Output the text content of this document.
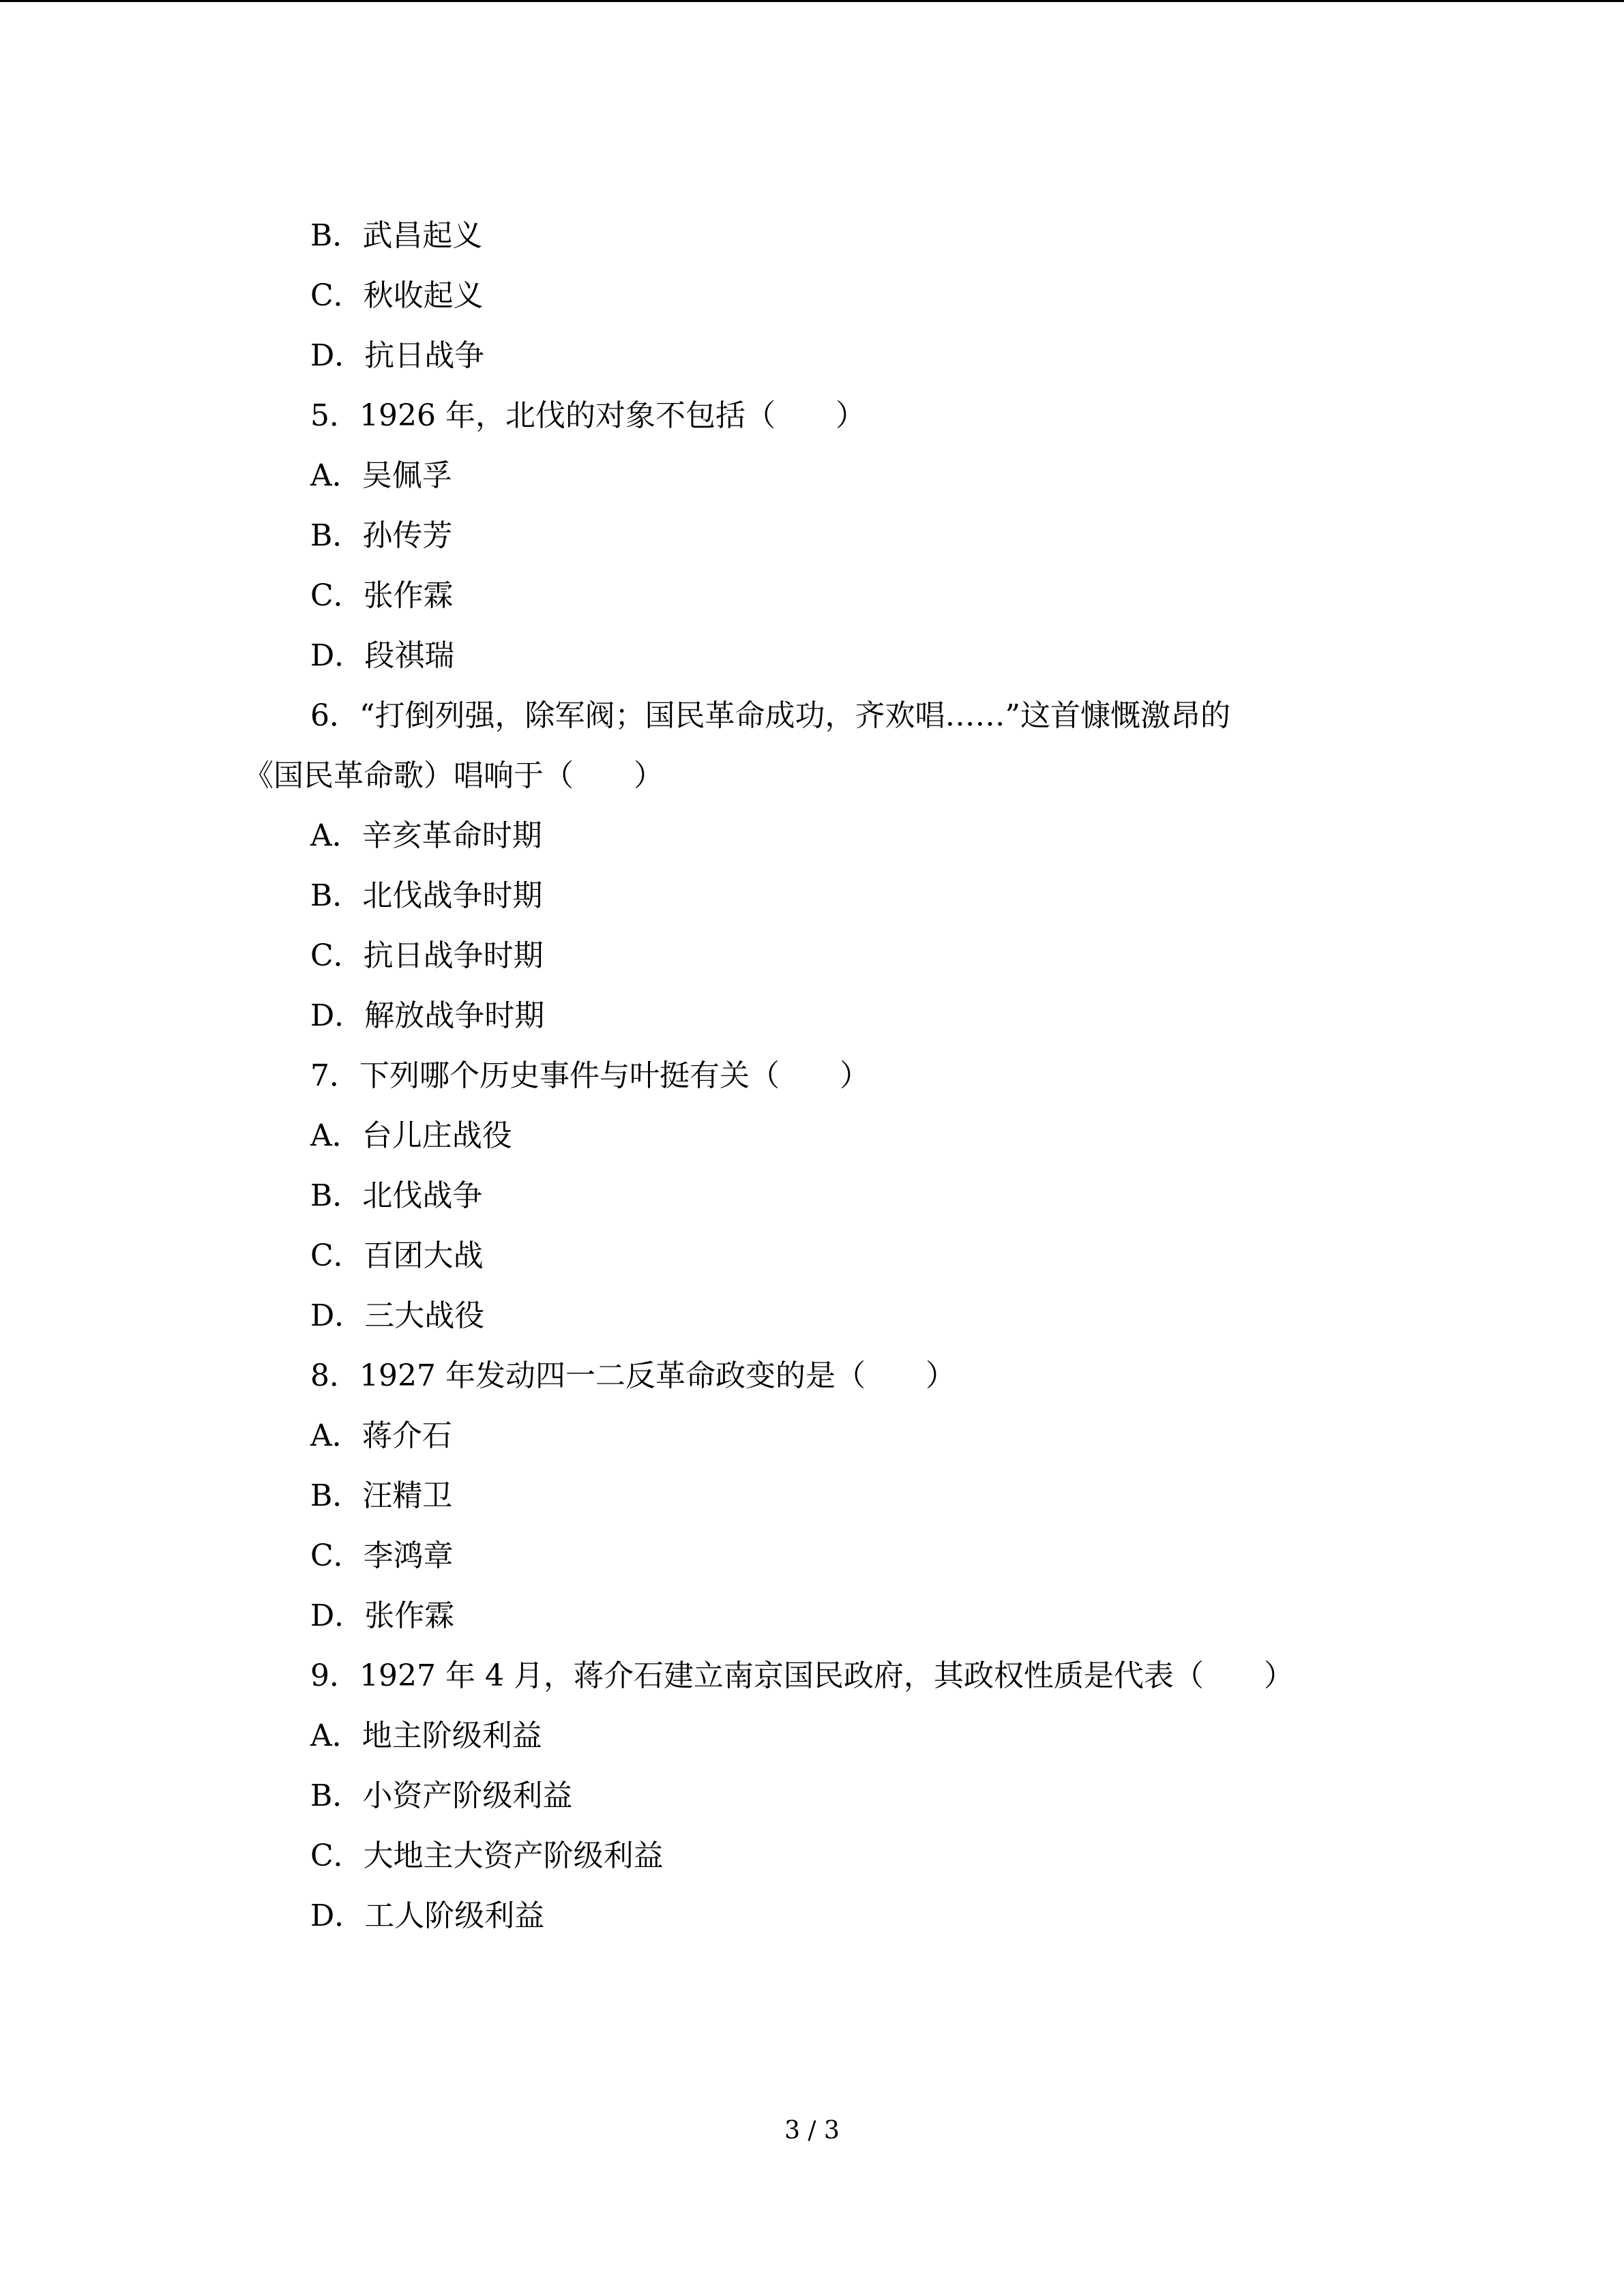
B．武昌起义
C．秋收起义
D．抗日战争
5．1926 年，北伐的对象不包括（　　）
A．吴佩孚
B．孙传芳
C．张作霖
D．段祺瑞
6．“打倒列强，除军阀；国民革命成功，齐欢唱……”这首慷慨激昂的
《国民革命歌）唱响于（　　）
A．辛亥革命时期
B．北伐战争时期
C．抗日战争时期
D．解放战争时期
7．下列哪个历史事件与叶挺有关（　　）
A．台儿庄战役
B．北伐战争
C．百团大战
D．三大战役
8．1927 年发动四一二反革命政变的是（　　）
A．蒋介石
B．汪精卫
C．李鸿章
D．张作霖
9．1927 年 4 月，蒋介石建立南京国民政府，其政权性质是代表（　　）
A．地主阶级利益
B．小资产阶级利益
C．大地主大资产阶级利益
D．工人阶级利益
3 / 3
